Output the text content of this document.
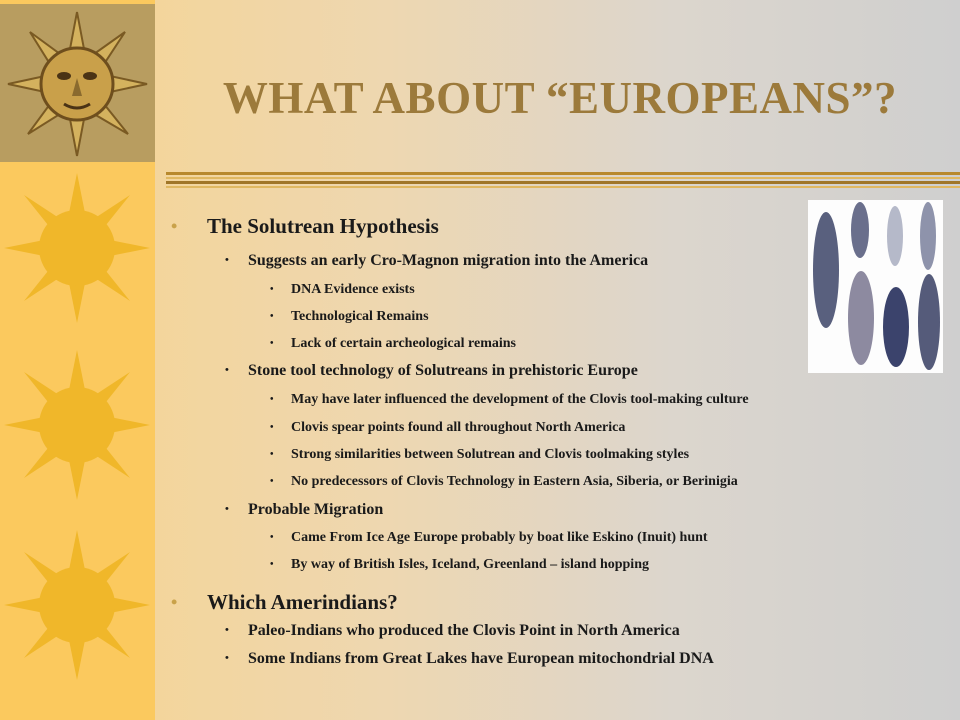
WHAT ABOUT “EUROPEANS”?
• The Solutrean Hypothesis
• Suggests an early Cro-Magnon migration into the America
• DNA Evidence exists
• Technological Remains
• Lack of certain archeological remains
• Stone tool technology of Solutreans in prehistoric Europe
• May have later influenced the development of the Clovis tool-making culture
• Clovis spear points found all throughout North America
• Strong similarities between Solutrean and Clovis toolmaking styles
• No predecessors of Clovis Technology in Eastern Asia, Siberia, or Berinigia
• Probable Migration
• Came From Ice Age Europe probably by boat like Eskino (Inuit) hunt
• By way of British Isles, Iceland, Greenland – island hopping
• Which Amerindians?
• Paleo-Indians who produced the Clovis Point in North America
• Some Indians from Great Lakes have European mitochondrial DNA
